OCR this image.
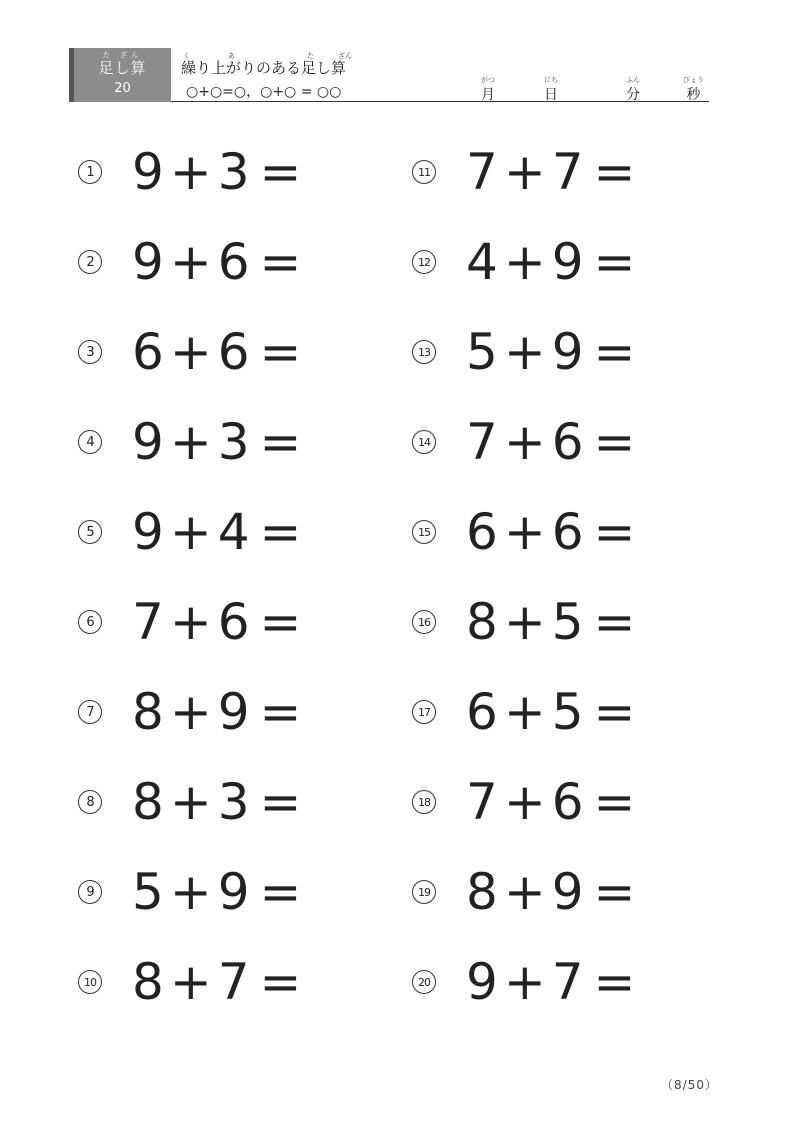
た ざん
足し算
20
く	あ	た	ざん
繰り上がりのある足し算
○+○=○，○+○ = ○○
がつ
月
にち
日
ふん
分
びょう
秒
1 9 + 3 =
2 9 + 6 =
3 6 + 6 =
4 9 + 3 =
5 9 + 4 =
6 7 + 6 =
7 8 + 9 =
8 8 + 3 =
9 5 + 9 =
10 8 + 7 =
11 7 + 7 =
12 4 + 9 =
13 5 + 9 =
14 7 + 6 =
15 6 + 6 =
16 8 + 5 =
17 6 + 5 =
18 7 + 6 =
19 8 + 9 =
20 9 + 7 =
（8/50）
